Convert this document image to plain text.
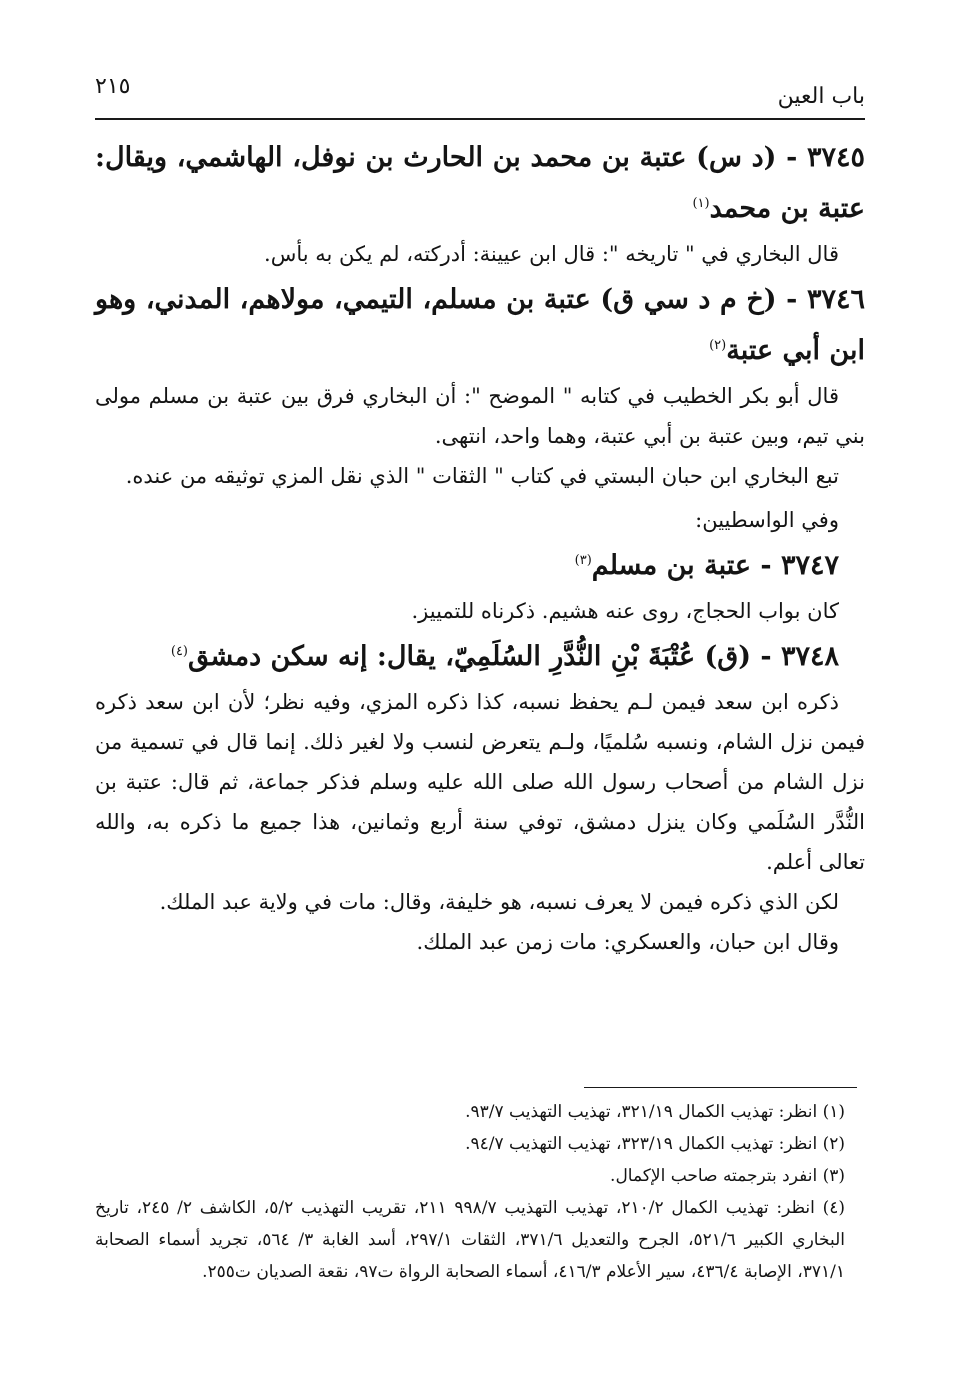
باب العين
٢١٥

٣٧٤٥ - (د س) عتبة بن محمد بن الحارث بن نوفل، الهاشمي، ويقال: عتبة بن محمد$^{(١)}$

قال البخاري في " تاريخه ": قال ابن عيينة: أدركته، لم يكن به بأس.

٣٧٤٦ - (خ م د سي ق) عتبة بن مسلم، التيمي، مولاهم، المدني، وهو ابن أبي عتبة$^{(٢)}$

قال أبو بكر الخطيب في كتابه " الموضح ": أن البخاري فرق بين عتبة بن مسلم مولى بني تيم، وبين عتبة بن أبي عتبة، وهما واحد، انتهى.

تبع البخاري ابن حبان البستي في كتاب " الثقات " الذي نقل المزي توثيقه من عنده.

وفي الواسطيين:

٣٧٤٧ - عتبة بن مسلم$^{(٣)}$

كان بواب الحجاج، روى عنه هشيم. ذكرناه للتمييز.

٣٧٤٨ - (ق) عُتْبَةَ بْنِ النُّدَّرِ السُلَمِيّ، يقال: إنه سكن دمشق$^{(٤)}$

ذكره ابن سعد فيمن لـم يحفظ نسبه، كذا ذكره المزي، وفيه نظر؛ لأن ابن سعد ذكره فيمن نزل الشام، ونسبه سُلميًا، ولـم يتعرض لنسب ولا لغير ذلك. إنما قال في تسمية من نزل الشام من أصحاب رسول الله صلى الله عليه وسلم فذكر جماعة، ثم قال: عتبة بن النُّدَّر السُلَمي وكان ينزل دمشق، توفي سنة أربع وثمانين، هذا جميع ما ذكره به، والله تعالى أعلم.

لكن الذي ذكره فيمن لا يعرف نسبه، هو خليفة، وقال: مات في ولاية عبد الملك.

وقال ابن حبان، والعسكري: مات زمن عبد الملك.

(١) انظر: تهذيب الكمال ٣٢١/١٩، تهذيب التهذيب ٩٣/٧.

(٢) انظر: تهذيب الكمال ٣٢٣/١٩، تهذيب التهذيب ٩٤/٧.

(٣) انفرد بترجمته صاحب الإكمال.

(٤) انظر: تهذيب الكمال ٢١٠/٢، تهذيب التهذيب ٩٩٨/٧ ٢١١، تقريب التهذيب ٥/٢، الكاشف ٢/ ٢٤٥، تاريخ البخاري الكبير ٥٢١/٦، الجرح والتعديل ٣٧١/٦، الثقات ٢٩٧/١، أسد الغابة ٣/ ٥٦٤، تجريد أسماء الصحابة ٣٧١/١، الإصابة ٤٣٦/٤، سير الأعلام ٤١٦/٣، أسماء الصحابة الرواة ت٩٧، نقعة الصديان ت٢٥٥.
